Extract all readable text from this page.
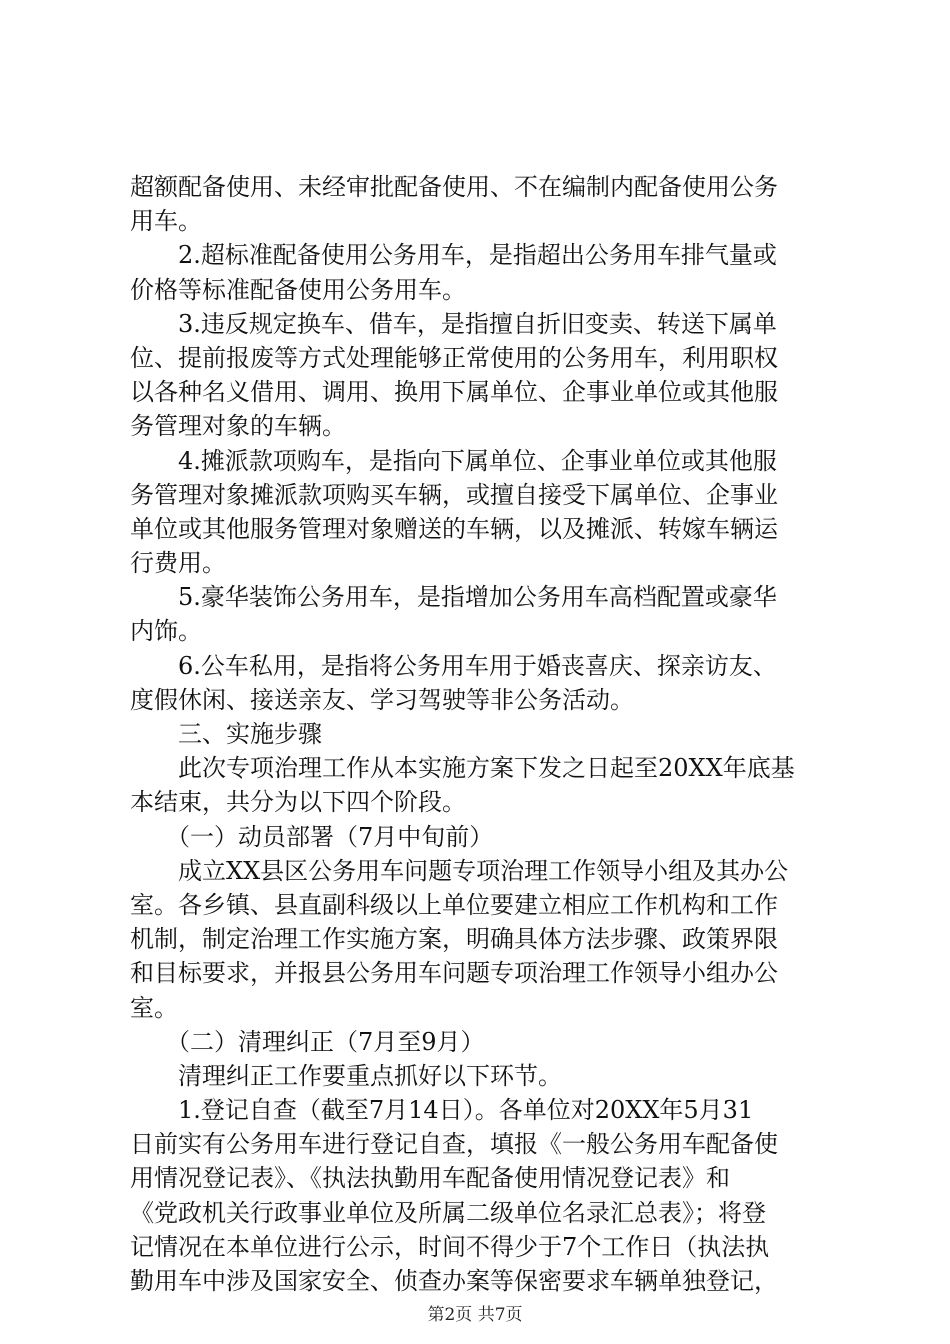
超额配备使用、未经审批配备使用、不在编制内配备使用公务
用车。
　　2.超标准配备使用公务用车，是指超出公务用车排气量或
价格等标准配备使用公务用车。
　　3.违反规定换车、借车，是指擅自折旧变卖、转送下属单
位、提前报废等方式处理能够正常使用的公务用车，利用职权
以各种名义借用、调用、换用下属单位、企事业单位或其他服
务管理对象的车辆。
　　4.摊派款项购车，是指向下属单位、企事业单位或其他服
务管理对象摊派款项购买车辆，或擅自接受下属单位、企事业
单位或其他服务管理对象赠送的车辆，以及摊派、转嫁车辆运
行费用。
　　5.豪华装饰公务用车，是指增加公务用车高档配置或豪华
内饰。
　　6.公车私用，是指将公务用车用于婚丧喜庆、探亲访友、
度假休闲、接送亲友、学习驾驶等非公务活动。
　　三、实施步骤
　　此次专项治理工作从本实施方案下发之日起至20XX年底基
本结束，共分为以下四个阶段。
　　（一）动员部署（7月中旬前）
　　成立XX县区公务用车问题专项治理工作领导小组及其办公
室。各乡镇、县直副科级以上单位要建立相应工作机构和工作
机制，制定治理工作实施方案，明确具体方法步骤、政策界限
和目标要求，并报县公务用车问题专项治理工作领导小组办公
室。
　　（二）清理纠正（7月至9月）
　　清理纠正工作要重点抓好以下环节。
　　1.登记自查（截至7月14日）。各单位对20XX年5月31
日前实有公务用车进行登记自查，填报《一般公务用车配备使
用情况登记表》、《执法执勤用车配备使用情况登记表》和
《党政机关行政事业单位及所属二级单位名录汇总表》；将登
记情况在本单位进行公示，时间不得少于7个工作日（执法执
勤用车中涉及国家安全、侦查办案等保密要求车辆单独登记，
第2页 共7页
